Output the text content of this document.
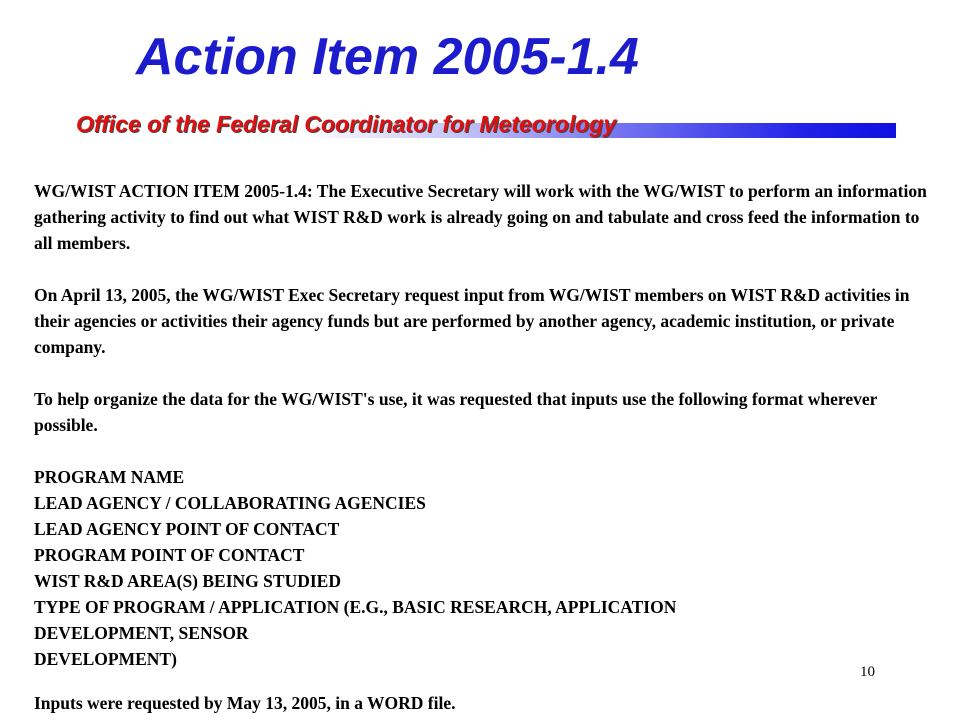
Action Item 2005-1.4
Office of the Federal Coordinator for Meteorology

WG/WIST ACTION ITEM 2005-1.4: The Executive Secretary will work with the WG/WIST to perform an information gathering activity to find out what WIST R&D work is already going on and tabulate and cross feed the information to all members.

On April 13, 2005, the WG/WIST Exec Secretary request input from WG/WIST members on WIST R&D activities in their agencies or activities their agency funds but are performed by another agency, academic institution, or private company.

To help organize the data for the WG/WIST's use, it was requested that inputs use the following format wherever possible.

PROGRAM NAME
LEAD AGENCY / COLLABORATING AGENCIES
LEAD AGENCY POINT OF CONTACT
PROGRAM POINT OF CONTACT
WIST R&D AREA(S) BEING STUDIED
TYPE OF PROGRAM / APPLICATION (E.G., BASIC RESEARCH, APPLICATION
DEVELOPMENT, SENSOR
DEVELOPMENT)
10

Inputs were requested by May 13, 2005, in a WORD file.
